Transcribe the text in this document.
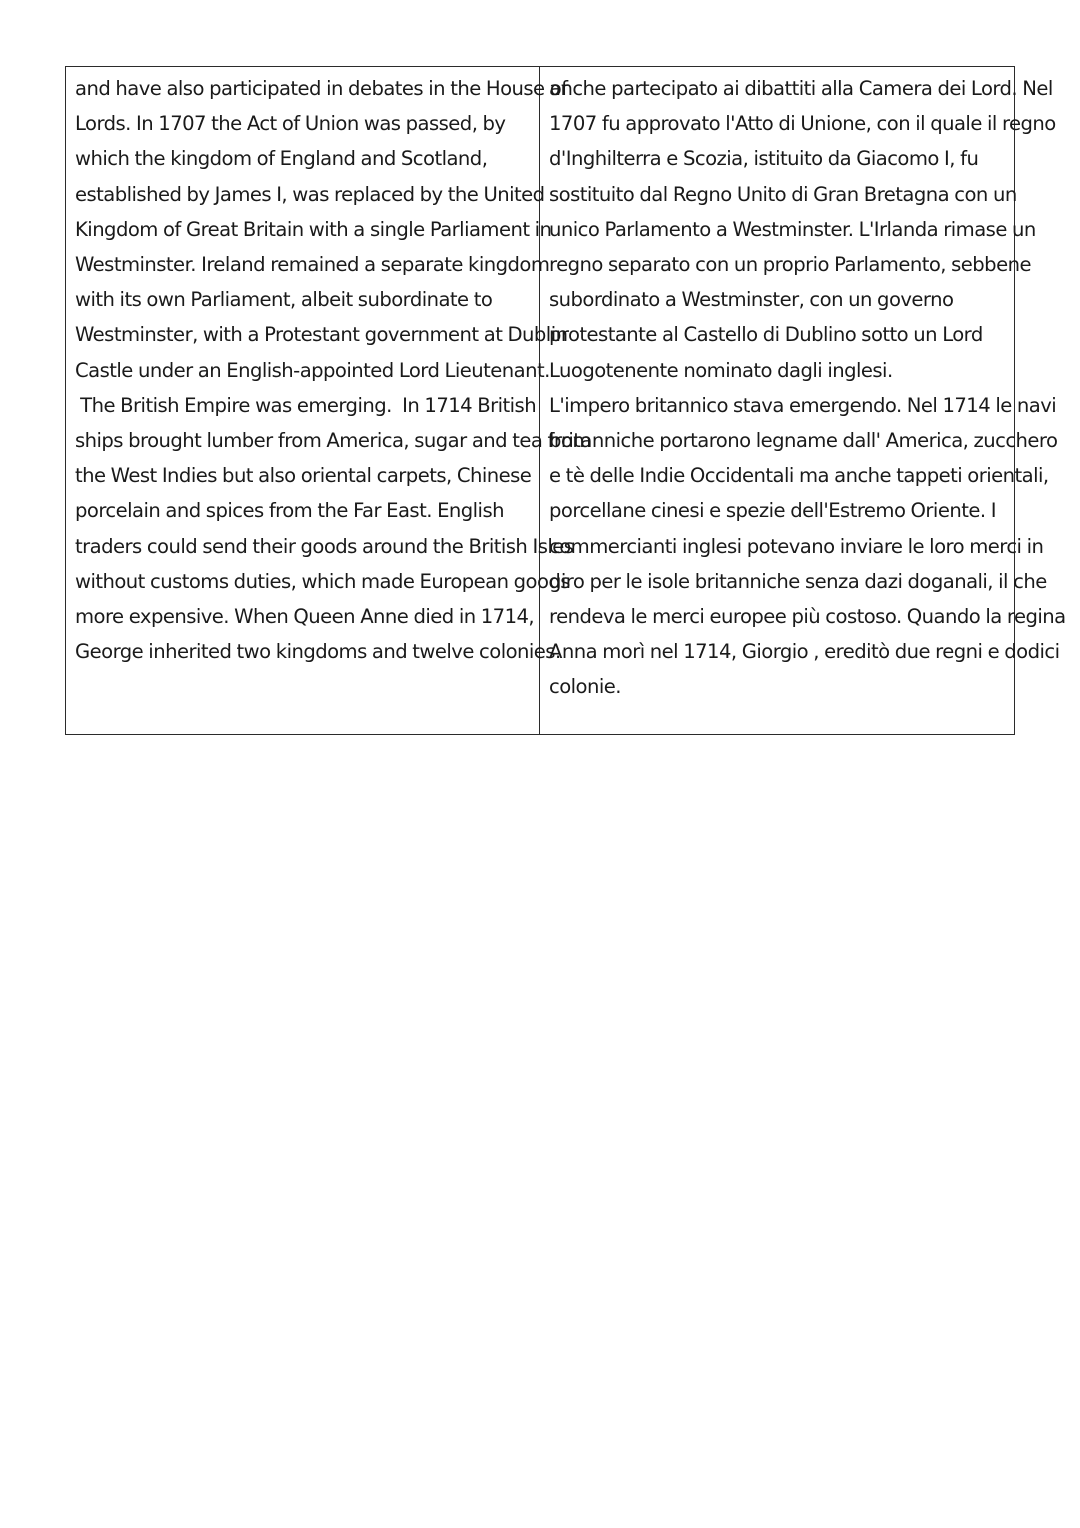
and have also participated in debates in the House of
Lords. In 1707 the Act of Union was passed, by
which the kingdom of England and Scotland,
established by James I, was replaced by the United
Kingdom of Great Britain with a single Parliament in
Westminster. Ireland remained a separate kingdom
with its own Parliament, albeit subordinate to
Westminster, with a Protestant government at Dublin
Castle under an English-appointed Lord Lieutenant.
The British Empire was emerging.  In 1714 British
ships brought lumber from America, sugar and tea from
the West Indies but also oriental carpets, Chinese
porcelain and spices from the Far East. English
traders could send their goods around the British Isles
without customs duties, which made European goods
more expensive. When Queen Anne died in 1714,
George inherited two kingdoms and twelve colonies.
anche partecipato ai dibattiti alla Camera dei Lord. Nel
1707 fu approvato l'Atto di Unione, con il quale il regno
d'Inghilterra e Scozia, istituito da Giacomo I, fu
sostituito dal Regno Unito di Gran Bretagna con un
unico Parlamento a Westminster. L'Irlanda rimase un
regno separato con un proprio Parlamento, sebbene
subordinato a Westminster, con un governo
protestante al Castello di Dublino sotto un Lord
Luogotenente nominato dagli inglesi.
L'impero britannico stava emergendo. Nel 1714 le navi
britanniche portarono legname dall' America, zucchero
e tè delle Indie Occidentali ma anche tappeti orientali,
porcellane cinesi e spezie dell'Estremo Oriente. I
commercianti inglesi potevano inviare le loro merci in
giro per le isole britanniche senza dazi doganali, il che
rendeva le merci europee più costoso. Quando la regina
Anna morì nel 1714, Giorgio , ereditò due regni e dodici
colonie.
